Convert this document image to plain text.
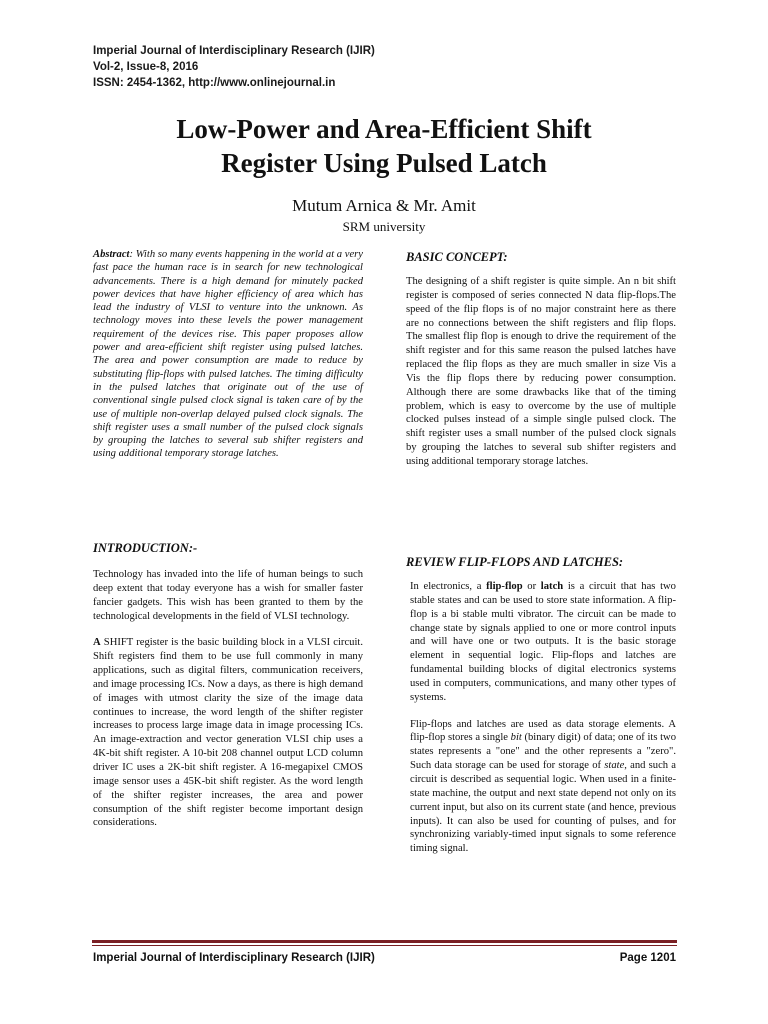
Imperial Journal of Interdisciplinary Research (IJIR)
Vol-2, Issue-8, 2016
ISSN: 2454-1362, http://www.onlinejournal.in
Low-Power and Area-Efficient Shift
Register Using Pulsed Latch
Mutum Arnica & Mr. Amit
SRM university

Abstract: With so many events happening in the world at a very fast pace the human race is in search for new technological advancements. There is a high demand for minutely packed power devices that have higher efficiency of area which has lead the industry of VLSI to venture into the unknown. As technology moves into these levels the power management requirement of the devices rise. This paper proposes allow power and area-efficient shift register using pulsed latches. The area and power consumption are made to reduce by substituting flip-flops with pulsed latches. The timing difficulty in the pulsed latches that originate out of the use of conventional single pulsed clock signal is taken care of by the use of multiple non-overlap delayed pulsed clock signals. The shift register uses a small number of the pulsed clock signals by grouping the latches to several sub shifter registers and using additional temporary storage latches.

INTRODUCTION:-

Technology has invaded into the life of human beings to such deep extent that today everyone has a wish for smaller faster fancier gadgets. This wish has been granted to them by the technological developments in the field of VLSI technology.

A SHIFT register is the basic building block in a VLSI circuit. Shift registers find them to be use full commonly in many applications, such as digital filters, communication receivers, and image processing ICs. Now a days, as there is high demand of images with utmost clarity the size of the image data continues to increase, the word length of the shifter register increases to process large image data in image processing ICs. An image-extraction and vector generation VLSI chip uses a 4K-bit shift register. A 10-bit 208 channel output LCD column driver IC uses a 2K-bit shift register. A 16-megapixel CMOS image sensor uses a 45K-bit shift register. As the word length of the shifter register increases, the area and power consumption of the shift register become important design considerations.

BASIC CONCEPT:

The designing of a shift register is quite simple. An n bit shift register is composed of series connected N data flip-flops.The speed of the flip flops is of no major constraint here as there are no connections between the shift registers and flip flops. The smallest flip flop is enough to drive the requirement of the shift register and for this same reason the pulsed latches have replaced the flip flops as they are much smaller in size Vis a Vis the flip flops there by reducing power consumption. Although there are some drawbacks like that of the timing problem, which is easy to overcome by the use of multiple clocked pulses instead of a simple single pulsed clock. The shift register uses a small number of the pulsed clock signals by grouping the latches to several sub shifter registers and using additional temporary storage latches.

REVIEW FLIP-FLOPS AND LATCHES:

In electronics, a flip-flop or latch is a circuit that has two stable states and can be used to store state information. A flip-flop is a bi stable multi vibrator. The circuit can be made to change state by signals applied to one or more control inputs and will have one or two outputs. It is the basic storage element in sequential logic. Flip-flops and latches are fundamental building blocks of digital electronics systems used in computers, communications, and many other types of systems.

Flip-flops and latches are used as data storage elements. A flip-flop stores a single bit (binary digit) of data; one of its two states represents a "one" and the other represents a "zero". Such data storage can be used for storage of state, and such a circuit is described as sequential logic. When used in a finite-state machine, the output and next state depend not only on its current input, but also on its current state (and hence, previous inputs). It can also be used for counting of pulses, and for synchronizing variably-timed input signals to some reference timing signal.

Imperial Journal of Interdisciplinary Research (IJIR)	Page 1201
